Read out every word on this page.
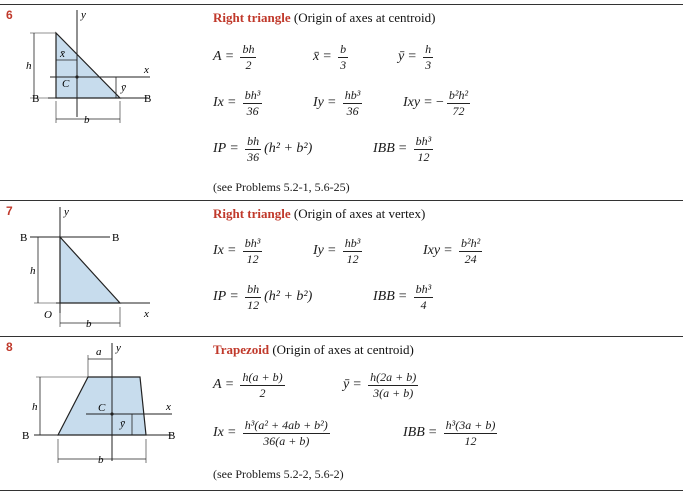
6	y
x
x̄
ȳ
C
h
b
B	B
Right triangle (Origin of axes at centroid)
$A = \frac{bh}{2}$	x̄ = $\frac{b}{3}$	ȳ = $\frac{h}{3}$
$Ix = \frac{\text{bh³}}{36}$	$Iy = \frac{\text{hb³}}{36}$	Ixy = − $\frac{\text{b²h²}}{72}$
IP = $\frac{bh}{36} (h^2 + b^2)$	IBB = $\frac{\text{bh³}}{12}$
(see Problems 5.2-1, 5.6-25)
7	y
x
O
h
b
B	B
Right triangle (Origin of axes at vertex)
$Ix = \frac{\text{bh³}}{12}$	$Iy = \frac{\text{hb³}}{12}$	Ixy = $\frac{\text{b²h²}}{24}$
IP = $\frac{bh}{12} (h^2 + b^2)$	IBB = $\frac{\text{bh³}}{4}$
8	y
x
a
C
ȳ
h
b
B	B
Trapezoid (Origin of axes at centroid)
$A = \frac{h(a + b)}{2}$	ȳ = $\frac{h(2a + b)}{3(a + b)}$
$Ix = \frac{\text{h³(a² + 4ab + b²)}}{36(a + b)}$	IBB = $\frac{\text{h³(3a + b)}}{12}$
(see Problems 5.2-2, 5.6-2)
